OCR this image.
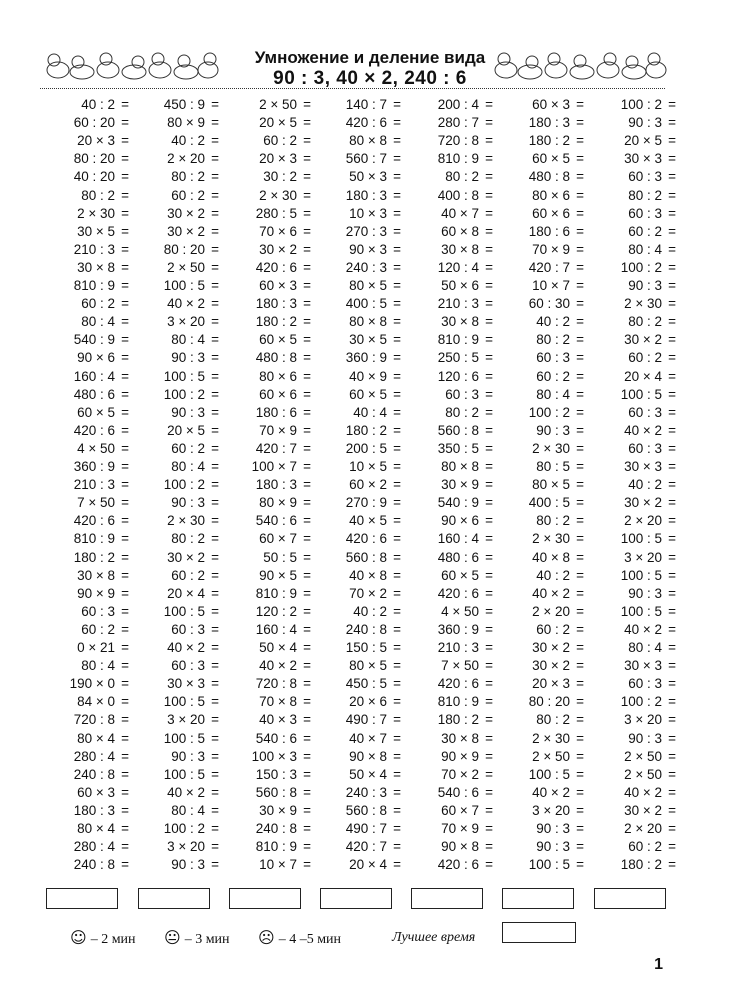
Умножение и деление вида
90 : 3, 40 × 2, 240 : 6
40 : 2 =
60 : 20 =
20 × 3 =
80 : 20 =
40 : 20 =
80 : 2 =
2 × 30 =
30 × 5 =
210 : 3 =
30 × 8 =
810 : 9 =
60 : 2 =
80 : 4 =
540 : 9 =
90 × 6 =
160 : 4 =
480 : 6 =
60 × 5 =
420 : 6 =
4 × 50 =
360 : 9 =
210 : 3 =
7 × 50 =
420 : 6 =
810 : 9 =
180 : 2 =
30 × 8 =
90 × 9 =
60 : 3 =
60 : 2 =
0 × 21 =
80 : 4 =
190 × 0 =
84 × 0 =
720 : 8 =
80 × 4 =
280 : 4 =
240 : 8 =
60 × 3 =
180 : 3 =
80 × 4 =
280 : 4 =
240 : 8 =
450 : 9 =
80 × 9 =
40 : 2 =
2 × 20 =
80 : 2 =
60 : 2 =
30 × 2 =
30 × 2 =
80 : 20 =
2 × 50 =
100 : 5 =
40 × 2 =
3 × 20 =
80 : 4 =
90 : 3 =
100 : 5 =
100 : 2 =
90 : 3 =
20 × 5 =
60 : 2 =
80 : 4 =
100 : 2 =
90 : 3 =
2 × 30 =
80 : 2 =
30 × 2 =
60 : 2 =
20 × 4 =
100 : 5 =
60 : 3 =
40 × 2 =
60 : 3 =
30 × 3 =
100 : 5 =
3 × 20 =
100 : 5 =
90 : 3 =
100 : 5 =
40 × 2 =
80 : 4 =
100 : 2 =
3 × 20 =
90 : 3 =
2 × 50 =
20 × 5 =
60 : 2 =
20 × 3 =
30 : 2 =
2 × 30 =
280 : 5 =
70 × 6 =
30 × 2 =
420 : 6 =
60 × 3 =
180 : 3 =
180 : 2 =
60 × 5 =
480 : 8 =
80 × 6 =
60 × 6 =
180 : 6 =
70 × 9 =
420 : 7 =
100 × 7 =
180 : 3 =
80 × 9 =
540 : 6 =
60 × 7 =
50 : 5 =
90 × 5 =
810 : 9 =
120 : 2 =
160 : 4 =
50 × 4 =
40 × 2 =
720 : 8 =
70 × 8 =
40 × 3 =
540 : 6 =
100 × 3 =
150 : 3 =
560 : 8 =
30 × 9 =
240 : 8 =
810 : 9 =
10 × 7 =
140 : 7 =
420 : 6 =
80 × 8 =
560 : 7 =
50 × 3 =
180 : 3 =
10 × 3 =
270 : 3 =
90 × 3 =
240 : 3 =
80 × 5 =
400 : 5 =
80 × 8 =
30 × 5 =
360 : 9 =
40 × 9 =
60 × 5 =
40 : 4 =
180 : 2 =
200 : 5 =
10 × 5 =
60 × 2 =
270 : 9 =
40 × 5 =
420 : 6 =
560 : 8 =
40 × 8 =
70 × 2 =
40 : 2 =
240 : 8 =
150 : 5 =
80 × 5 =
450 : 5 =
20 × 6 =
490 : 7 =
40 × 7 =
90 × 8 =
50 × 4 =
240 : 3 =
560 : 8 =
490 : 7 =
420 : 7 =
20 × 4 =
200 : 4 =
280 : 7 =
720 : 8 =
810 : 9 =
80 : 2 =
400 : 8 =
40 × 7 =
60 × 8 =
30 × 8 =
120 : 4 =
50 × 6 =
210 : 3 =
30 × 8 =
810 : 9 =
250 : 5 =
120 : 6 =
60 : 3 =
80 : 2 =
560 : 8 =
350 : 5 =
80 × 8 =
30 × 9 =
540 : 9 =
90 × 6 =
160 : 4 =
480 : 6 =
60 × 5 =
420 : 6 =
4 × 50 =
360 : 9 =
210 : 3 =
7 × 50 =
420 : 6 =
810 : 9 =
180 : 2 =
30 × 8 =
90 × 9 =
70 × 2 =
540 : 6 =
60 × 7 =
70 × 9 =
90 × 8 =
420 : 6 =
60 × 3 =
180 : 3 =
180 : 2 =
60 × 5 =
480 : 8 =
80 × 6 =
60 × 6 =
180 : 6 =
70 × 9 =
420 : 7 =
10 × 7 =
60 : 30 =
40 : 2 =
80 : 2 =
60 : 3 =
60 : 2 =
80 : 4 =
100 : 2 =
90 : 3 =
2 × 30 =
80 : 5 =
80 × 5 =
400 : 5 =
80 : 2 =
2 × 30 =
40 × 8 =
40 : 2 =
40 × 2 =
2 × 20 =
60 : 2 =
30 × 2 =
30 × 2 =
20 × 3 =
80 : 20 =
80 : 2 =
2 × 30 =
2 × 50 =
100 : 5 =
40 × 2 =
3 × 20 =
90 : 3 =
90 : 3 =
100 : 5 =
100 : 2 =
90 : 3 =
20 × 5 =
30 × 3 =
60 : 3 =
80 : 2 =
60 : 3 =
60 : 2 =
80 : 4 =
100 : 2 =
90 : 3 =
2 × 30 =
80 : 2 =
30 × 2 =
60 : 2 =
20 × 4 =
100 : 5 =
60 : 3 =
40 × 2 =
60 : 3 =
30 × 3 =
40 : 2 =
30 × 2 =
2 × 20 =
100 : 5 =
3 × 20 =
100 : 5 =
90 : 3 =
100 : 5 =
40 × 2 =
80 : 4 =
30 × 3 =
60 : 3 =
100 : 2 =
3 × 20 =
90 : 3 =
2 × 50 =
2 × 50 =
40 × 2 =
30 × 2 =
2 × 20 =
60 : 2 =
180 : 2 =
☺ – 2 мин 😐 – 3 мин ☹ – 4 –5 мин	Лучшее время
1
